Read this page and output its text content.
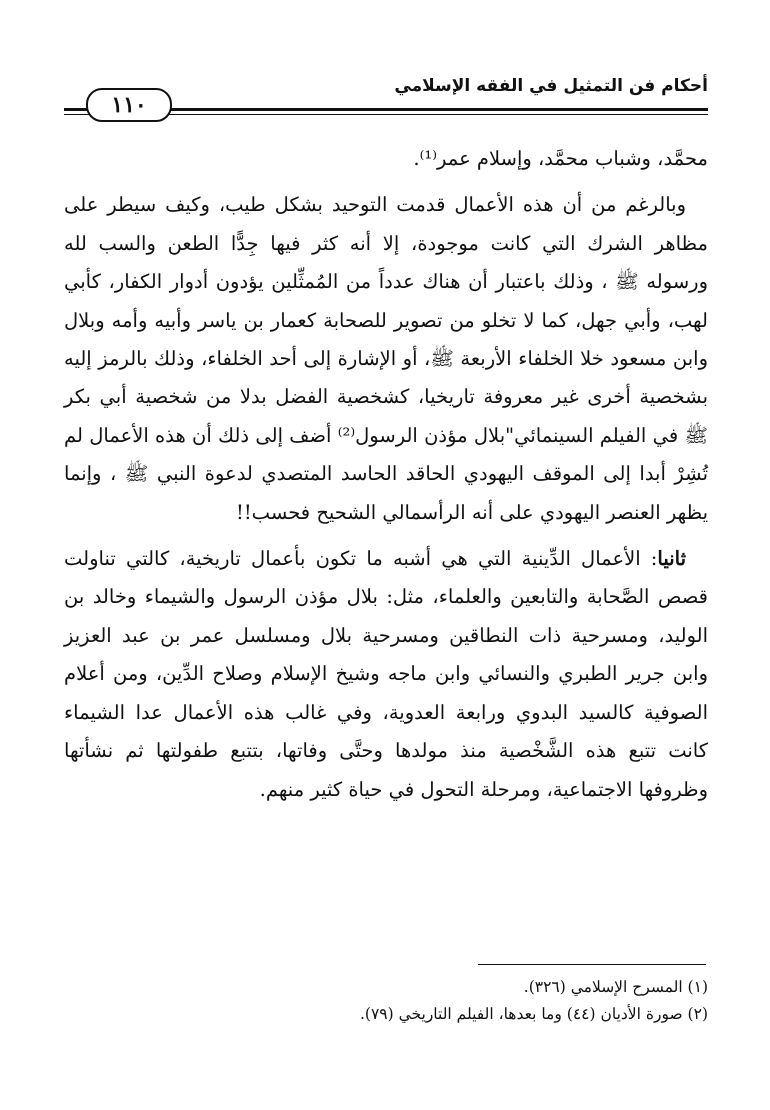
أحكام فن التمثيل في الفقه الإسلامي
١١٠

محمَّد، وشباب محمَّد، وإسلام عمر⁽¹⁾.

وبالرغم من أن هذه الأعمال قدمت التوحيد بشكل طيب، وكيف سيطر على مظاهر الشرك التي كانت موجودة، إلا أنه كثر فيها جِدًّا الطعن والسب لله ورسوله ﷺ ، وذلك باعتبار أن هناك عدداً من المُمثِّلين يؤدون أدوار الكفار، كأبي لهب، وأبي جهل، كما لا تخلو من تصوير للصحابة كعمار بن ياسر وأبيه وأمه وبلال وابن مسعود خلا الخلفاء الأربعة ﷺ، أو الإشارة إلى أحد الخلفاء، وذلك بالرمز إليه بشخصية أخرى غير معروفة تاريخيا، كشخصية الفضل بدلا من شخصية أبي بكر ﷺ في الفيلم السينمائي"بلال مؤذن الرسول⁽²⁾ أضف إلى ذلك أن هذه الأعمال لم تُشِرْ أبدا إلى الموقف اليهودي الحاقد الحاسد المتصدي لدعوة النبي ﷺ ، وإنما يظهر العنصر اليهودي على أنه الرأسمالي الشحيح فحسب!!

ثانيا: الأعمال الدِّينية التي هي أشبه ما تكون بأعمال تاريخية، كالتي تناولت قصص الصَّحابة والتابعين والعلماء، مثل: بلال مؤذن الرسول والشيماء وخالد بن الوليد، ومسرحية ذات النطاقين ومسرحية بلال ومسلسل عمر بن عبد العزيز وابن جرير الطبري والنسائي وابن ماجه وشيخ الإسلام وصلاح الدِّين، ومن أعلام الصوفية كالسيد البدوي ورابعة العدوية، وفي غالب هذه الأعمال عدا الشيماء كانت تتبع هذه الشَّخْصية منذ مولدها وحتَّى وفاتها، بتتبع طفولتها ثم نشأتها وظروفها الاجتماعية، ومرحلة التحول في حياة كثير منهم.

(١) المسرح الإسلامي (٣٢٦).
(٢) صورة الأديان (٤٤) وما بعدها، الفيلم التاريخي (٧٩).
